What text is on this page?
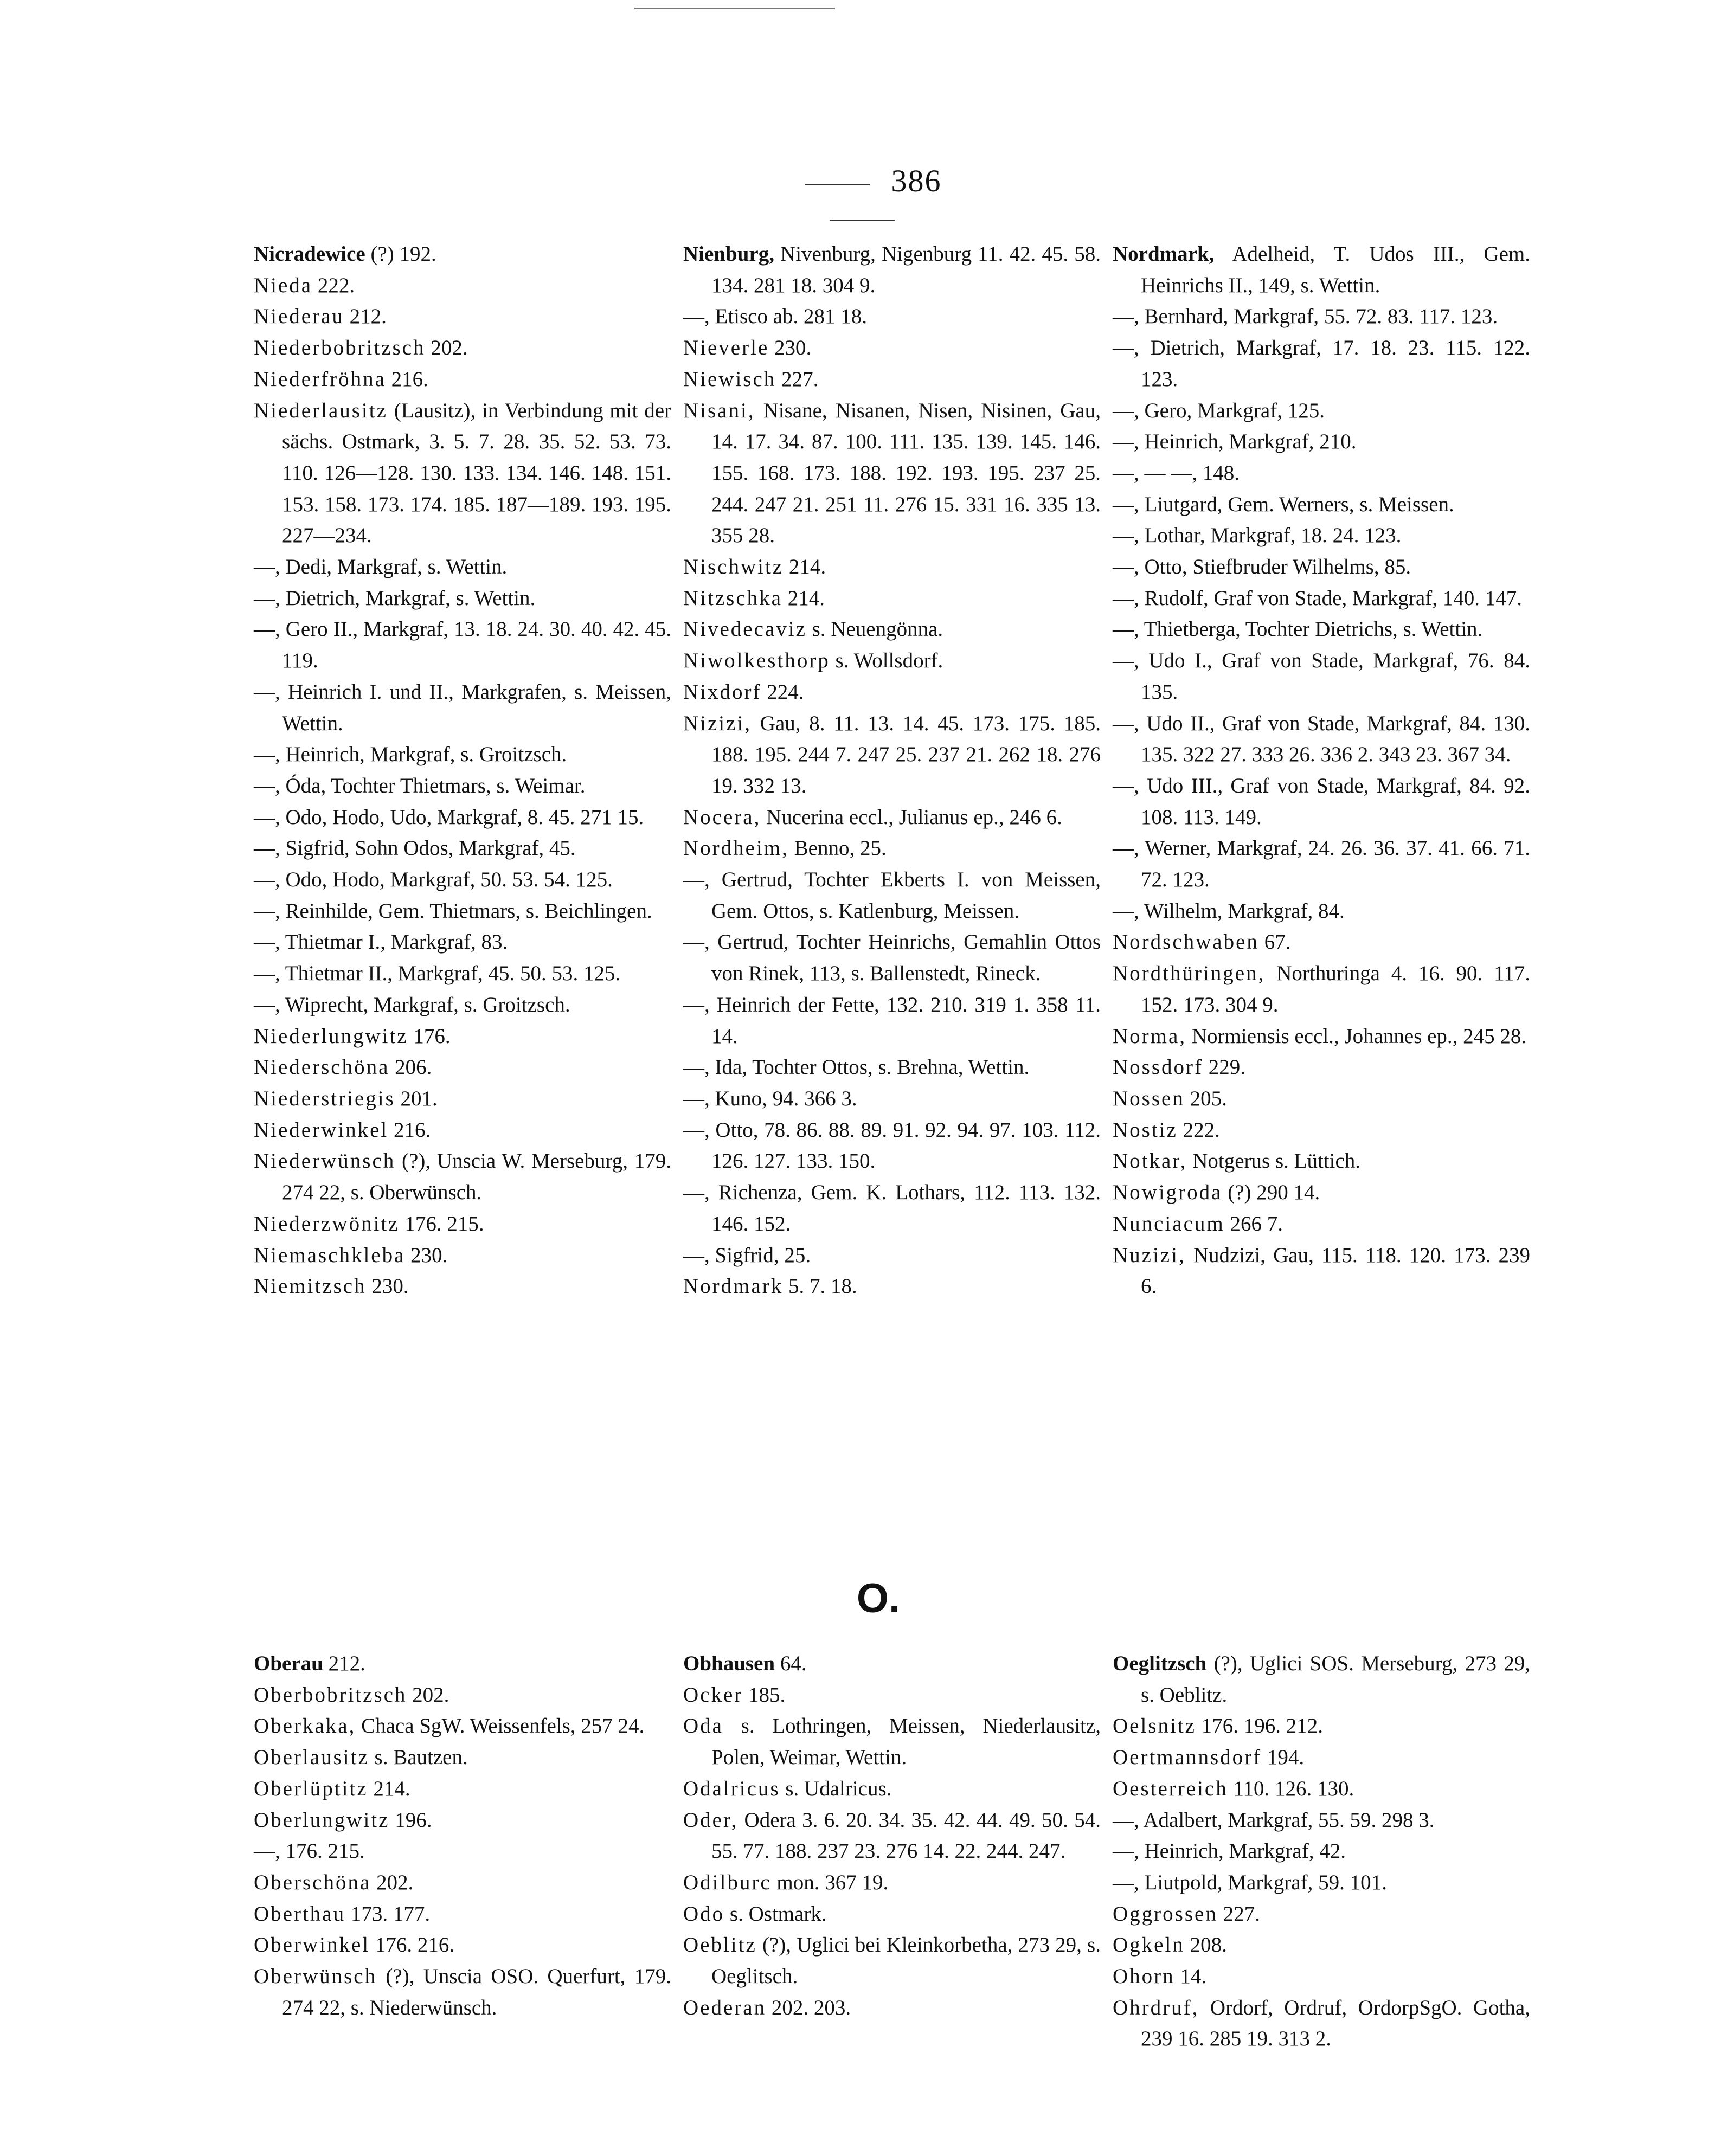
386

Nicradewice (?) 192.

Nieda 222.

Niederau 212.

Niederbobritzsch 202.

Niederfröhna 216.

Niederlausitz (Lausitz), in Verbindung mit der sächs. Ostmark, 3. 5. 7. 28. 35. 52. 53. 73. 110. 126—128. 130. 133. 134. 146. 148. 151. 153. 158. 173. 174. 185. 187—189. 193. 195. 227—234.

—, Dedi, Markgraf, s. Wettin.

—, Dietrich, Markgraf, s. Wettin.

—, Gero II., Markgraf, 13. 18. 24. 30. 40. 42. 45. 119.

—, Heinrich I. und II., Markgrafen, s. Meissen, Wettin.

—, Heinrich, Markgraf, s. Groitzsch.

—, Óda, Tochter Thietmars, s. Weimar.

—, Odo, Hodo, Udo, Markgraf, 8. 45. 271 15.

—, Sigfrid, Sohn Odos, Markgraf, 45.

—, Odo, Hodo, Markgraf, 50. 53. 54. 125.

—, Reinhilde, Gem. Thietmars, s. Beichlingen.

—, Thietmar I., Markgraf, 83.

—, Thietmar II., Markgraf, 45. 50. 53. 125.

—, Wiprecht, Markgraf, s. Groitzsch.

Niederlungwitz 176.

Niederschöna 206.

Niederstriegis 201.

Niederwinkel 216.

Niederwünsch (?), Unscia W. Merseburg, 179. 274 22, s. Oberwünsch.

Niederzwönitz 176. 215.

Niemaschkleba 230.

Niemitzsch 230.

Nienburg, Nivenburg, Nigenburg 11. 42. 45. 58. 134. 281 18. 304 9.

—, Etisco ab. 281 18.

Nieverle 230.

Niewisch 227.

Nisani, Nisane, Nisanen, Nisen, Nisinen, Gau, 14. 17. 34. 87. 100. 111. 135. 139. 145. 146. 155. 168. 173. 188. 192. 193. 195. 237 25. 244. 247 21. 251 11. 276 15. 331 16. 335 13. 355 28.

Nischwitz 214.

Nitzschka 214.

Nivedecaviz s. Neuengönna.

Niwolkesthorp s. Wollsdorf.

Nixdorf 224.

Nizizi, Gau, 8. 11. 13. 14. 45. 173. 175. 185. 188. 195. 244 7. 247 25. 237 21. 262 18. 276 19. 332 13.

Nocera, Nucerina eccl., Julianus ep., 246 6.

Nordheim, Benno, 25.

—, Gertrud, Tochter Ekberts I. von Meissen, Gem. Ottos, s. Katlenburg, Meissen.

—, Gertrud, Tochter Heinrichs, Gemahlin Ottos von Rinek, 113, s. Ballenstedt, Rineck.

—, Heinrich der Fette, 132. 210. 319 1. 358 11. 14.

—, Ida, Tochter Ottos, s. Brehna, Wettin.

—, Kuno, 94. 366 3.

—, Otto, 78. 86. 88. 89. 91. 92. 94. 97. 103. 112. 126. 127. 133. 150.

—, Richenza, Gem. K. Lothars, 112. 113. 132. 146. 152.

—, Sigfrid, 25.

Nordmark 5. 7. 18.

Nordmark, Adelheid, T. Udos III., Gem. Heinrichs II., 149, s. Wettin.

—, Bernhard, Markgraf, 55. 72. 83. 117. 123.

—, Dietrich, Markgraf, 17. 18. 23. 115. 122. 123.

—, Gero, Markgraf, 125.

—, Heinrich, Markgraf, 210.

—, — —, 148.

—, Liutgard, Gem. Werners, s. Meissen.

—, Lothar, Markgraf, 18. 24. 123.

—, Otto, Stiefbruder Wilhelms, 85.

—, Rudolf, Graf von Stade, Markgraf, 140. 147.

—, Thietberga, Tochter Dietrichs, s. Wettin.

—, Udo I., Graf von Stade, Markgraf, 76. 84. 135.

—, Udo II., Graf von Stade, Markgraf, 84. 130. 135. 322 27. 333 26. 336 2. 343 23. 367 34.

—, Udo III., Graf von Stade, Markgraf, 84. 92. 108. 113. 149.

—, Werner, Markgraf, 24. 26. 36. 37. 41. 66. 71. 72. 123.

—, Wilhelm, Markgraf, 84.

Nordschwaben 67.

Nordthüringen, Northuringa 4. 16. 90. 117. 152. 173. 304 9.

Norma, Normiensis eccl., Johannes ep., 245 28.

Nossdorf 229.

Nossen 205.

Nostiz 222.

Notkar, Notgerus s. Lüttich.

Nowigroda (?) 290 14.

Nunciacum 266 7.

Nuzizi, Nudzizi, Gau, 115. 118. 120. 173. 239 6.

O.

Oberau 212.

Oberbobritzsch 202.

Oberkaka, Chaca SgW. Weissenfels, 257 24.

Oberlausitz s. Bautzen.

Oberlüptitz 214.

Oberlungwitz 196.

—, 176. 215.

Oberschöna 202.

Oberthau 173. 177.

Oberwinkel 176. 216.

Oberwünsch (?), Unscia OSO. Querfurt, 179. 274 22, s. Niederwünsch.

Obhausen 64.

Ocker 185.

Oda s. Lothringen, Meissen, Niederlausitz, Polen, Weimar, Wettin.

Odalricus s. Udalricus.

Oder, Odera 3. 6. 20. 34. 35. 42. 44. 49. 50. 54. 55. 77. 188. 237 23. 276 14. 22. 244. 247.

Odilburc mon. 367 19.

Odo s. Ostmark.

Oeblitz (?), Uglici bei Kleinkorbetha, 273 29, s. Oeglitsch.

Oederan 202. 203.

Oeglitzsch (?), Uglici SOS. Merseburg, 273 29, s. Oeblitz.

Oelsnitz 176. 196. 212.

Oertmannsdorf 194.

Oesterreich 110. 126. 130.

—, Adalbert, Markgraf, 55. 59. 298 3.

—, Heinrich, Markgraf, 42.

—, Liutpold, Markgraf, 59. 101.

Oggrossen 227.

Ogkeln 208.

Ohorn 14.

Ohrdruf, Ordorf, Ordruf, OrdorpSgO. Gotha, 239 16. 285 19. 313 2.
